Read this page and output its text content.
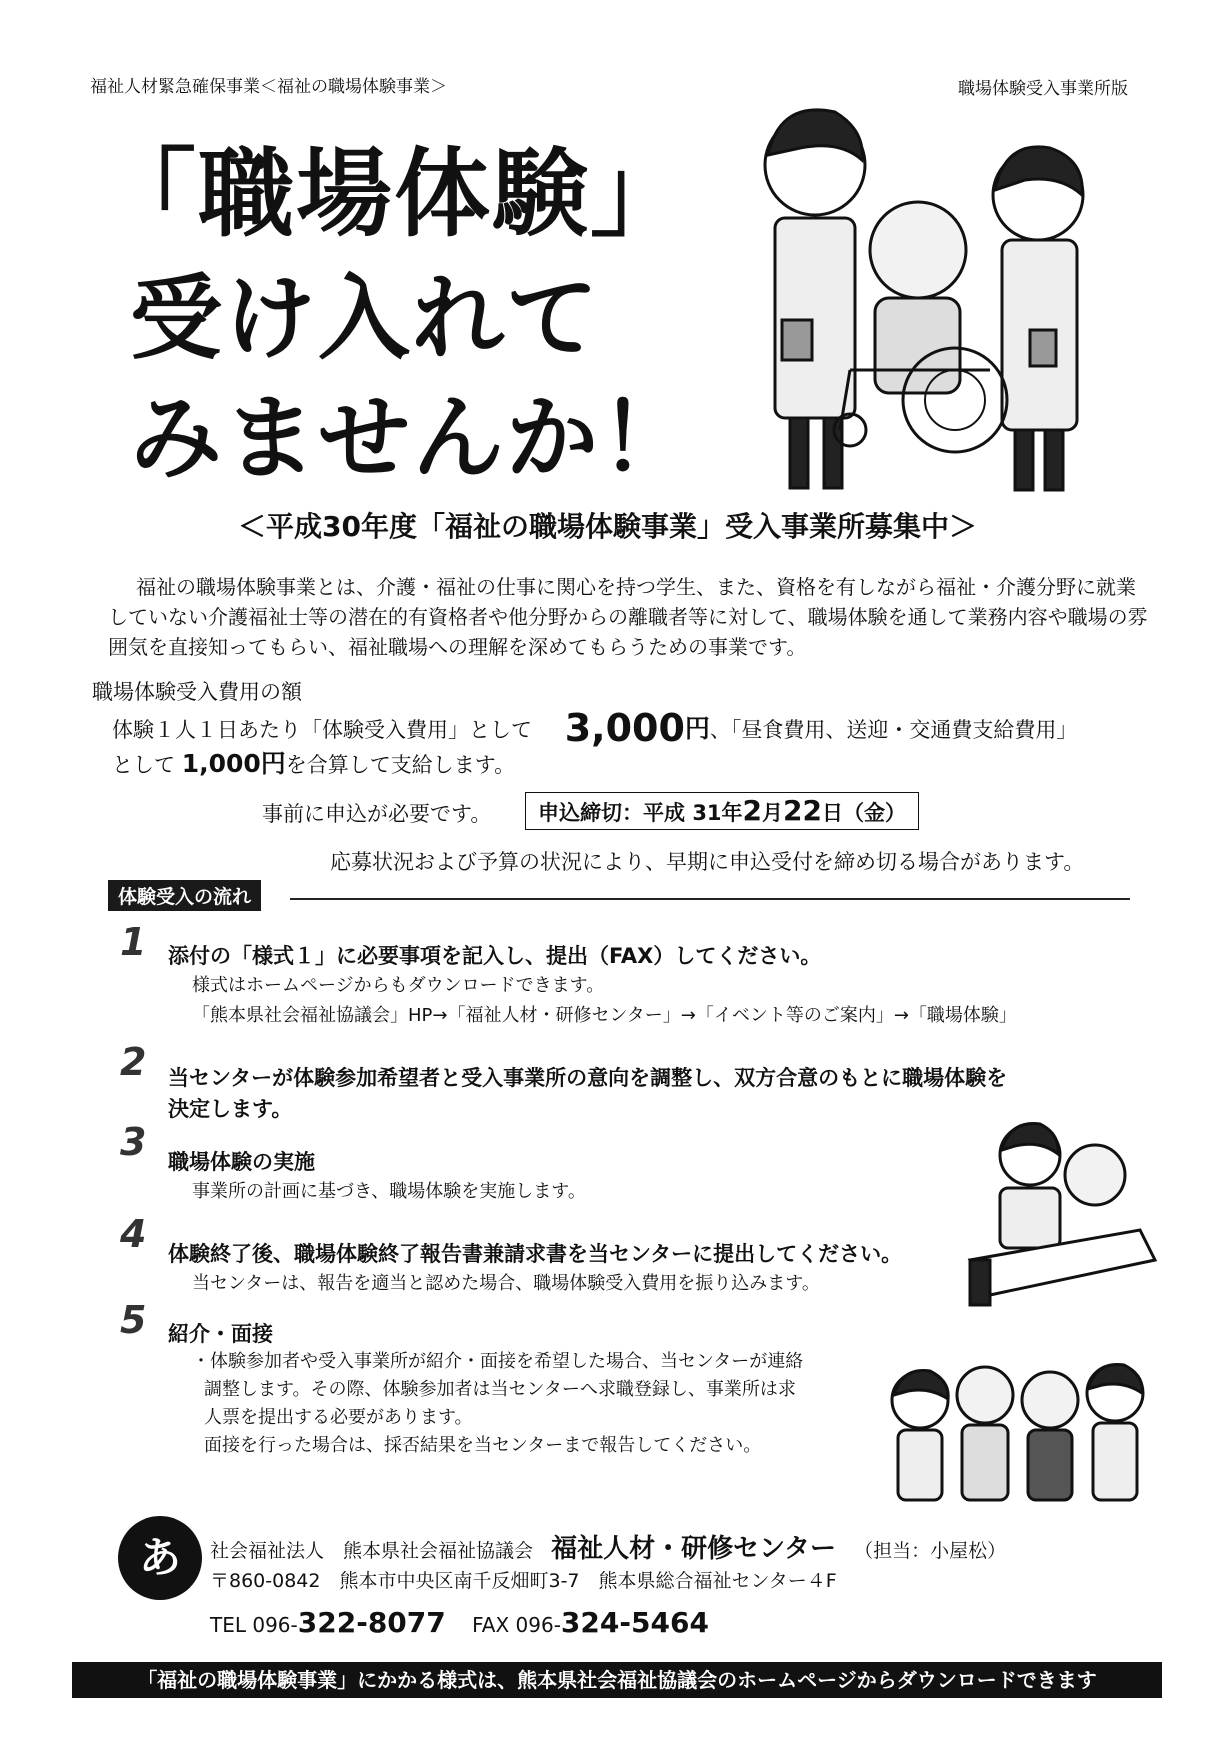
福祉人材緊急確保事業＜福祉の職場体験事業＞	職場体験受入事業所版
「職場体験」
受け入れて
みませんか！
＜平成30年度「福祉の職場体験事業」受入事業所募集中＞
福祉の職場体験事業とは、介護・福祉の仕事に関心を持つ学生、また、資格を有しながら福祉・介護分野に就業していない介護福祉士等の潜在的有資格者や他分野からの離職者等に対して、職場体験を通して業務内容や職場の雰囲気を直接知ってもらい、福祉職場への理解を深めてもらうための事業です。
職場体験受入費用の額
体験１人１日あたり「体験受入費用」として 3,000円、「昼食費用、送迎・交通費支給費用」
として 1,000円を合算して支給します。
事前に申込が必要です。	申込締切：平成 31年2月22日（金）
応募状況および予算の状況により、早期に申込受付を締め切る場合があります。
体験受入の流れ
1 添付の「様式１」に必要事項を記入し、提出（FAX）してください。
様式はホームページからもダウンロードできます。
「熊本県社会福祉協議会」HP→「福祉人材・研修センター」→「イベント等のご案内」→「職場体験」
2 当センターが体験参加希望者と受入事業所の意向を調整し、双方合意のもとに職場体験を
決定します。
3 職場体験の実施
事業所の計画に基づき、職場体験を実施します。
4 体験終了後、職場体験終了報告書兼請求書を当センターに提出してください。
当センターは、報告を適当と認めた場合、職場体験受入費用を振り込みます。
5 紹介・面接
・体験参加者や受入事業所が紹介・面接を希望した場合、当センターが連絡
調整します。その際、体験参加者は当センターへ求職登録し、事業所は求
人票を提出する必要があります。
面接を行った場合は、採否結果を当センターまで報告してください。
あ	社会福祉法人　熊本県社会福祉協議会 福祉人材・研修センター （担当：小屋松）
〒860-0842　熊本市中央区南千反畑町3-7　熊本県総合福祉センター４F
TEL 096-322-8077 FAX 096-324-5464
「福祉の職場体験事業」にかかる様式は、熊本県社会福祉協議会のホームページからダウンロードできます
